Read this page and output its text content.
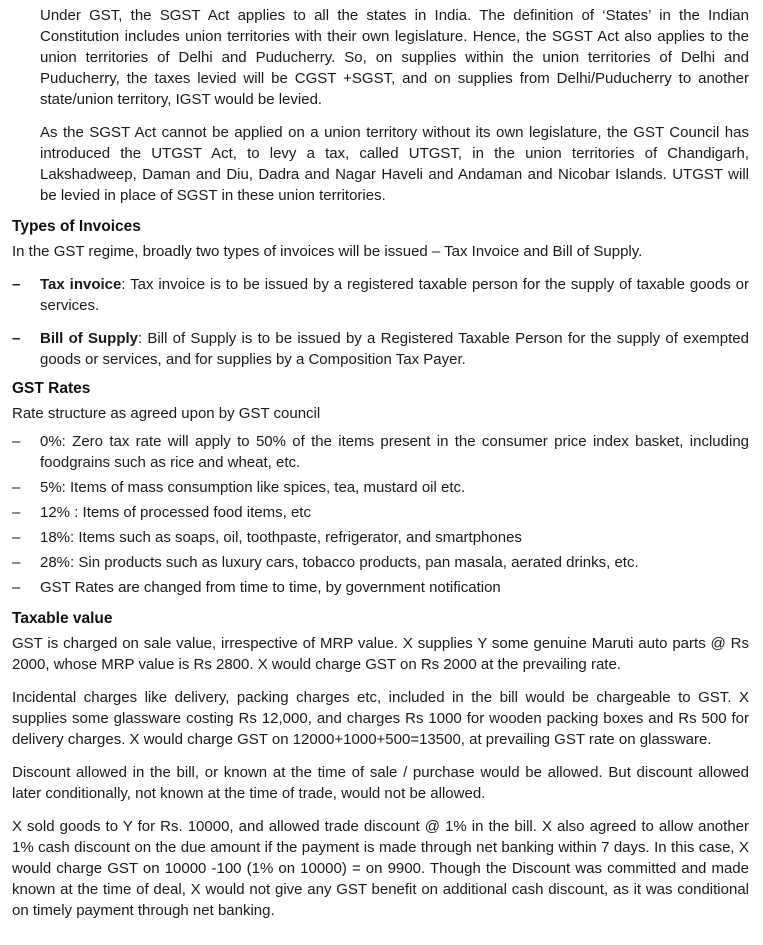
Under GST, the SGST Act applies to all the states in India. The definition of ‘States’ in the Indian Constitution includes union territories with their own legislature. Hence, the SGST Act also applies to the union territories of Delhi and Puducherry. So, on supplies within the union territories of Delhi and Puducherry, the taxes levied will be CGST +SGST, and on supplies from Delhi/Puducherry to another state/union territory, IGST would be levied.

As the SGST Act cannot be applied on a union territory without its own legislature, the GST Council has introduced the UTGST Act, to levy a tax, called UTGST, in the union territories of Chandigarh, Lakshadweep, Daman and Diu, Dadra and Nagar Haveli and Andaman and Nicobar Islands. UTGST will be levied in place of SGST in these union territories.

Types of Invoices

In the GST regime, broadly two types of invoices will be issued – Tax Invoice and Bill of Supply.

–	Tax invoice: Tax invoice is to be issued by a registered taxable person for the supply of taxable goods or services.
–	Bill of Supply: Bill of Supply is to be issued by a Registered Taxable Person for the supply of exempted goods or services, and for supplies by a Composition Tax Payer.
GST Rates

Rate structure as agreed upon by GST council

–	0%: Zero tax rate will apply to 50% of the items present in the consumer price index basket, including foodgrains such as rice and wheat, etc.
–	5%: Items of mass consumption like spices, tea, mustard oil etc.
–	12% : Items of processed food items, etc
–	18%: Items such as soaps, oil, toothpaste, refrigerator, and smartphones
–	28%: Sin products such as luxury cars, tobacco products, pan masala, aerated drinks, etc.
–	GST Rates are changed from time to time, by government notification
Taxable value

GST is charged on sale value, irrespective of MRP value. X supplies Y some genuine Maruti auto parts @ Rs 2000, whose MRP value is Rs 2800. X would charge GST on Rs 2000 at the prevailing rate.

Incidental charges like delivery, packing charges etc, included in the bill would be chargeable to GST. X supplies some glassware costing Rs 12,000, and charges Rs 1000 for wooden packing boxes and Rs 500 for delivery charges. X would charge GST on 12000+1000+500=13500, at prevailing GST rate on glassware.

Discount allowed in the bill, or known at the time of sale / purchase would be allowed. But discount allowed later conditionally, not known at the time of trade, would not be allowed.

X sold goods to Y for Rs. 10000, and allowed trade discount @ 1% in the bill. X also agreed to allow another 1% cash discount on the due amount if the payment is made through net banking within 7 days. In this case, X would charge GST on 10000 -100 (1% on 10000) = on 9900. Though the Discount was committed and made known at the time of deal, X would not give any GST benefit on additional cash discount, as it was conditional on timely payment through net banking.
